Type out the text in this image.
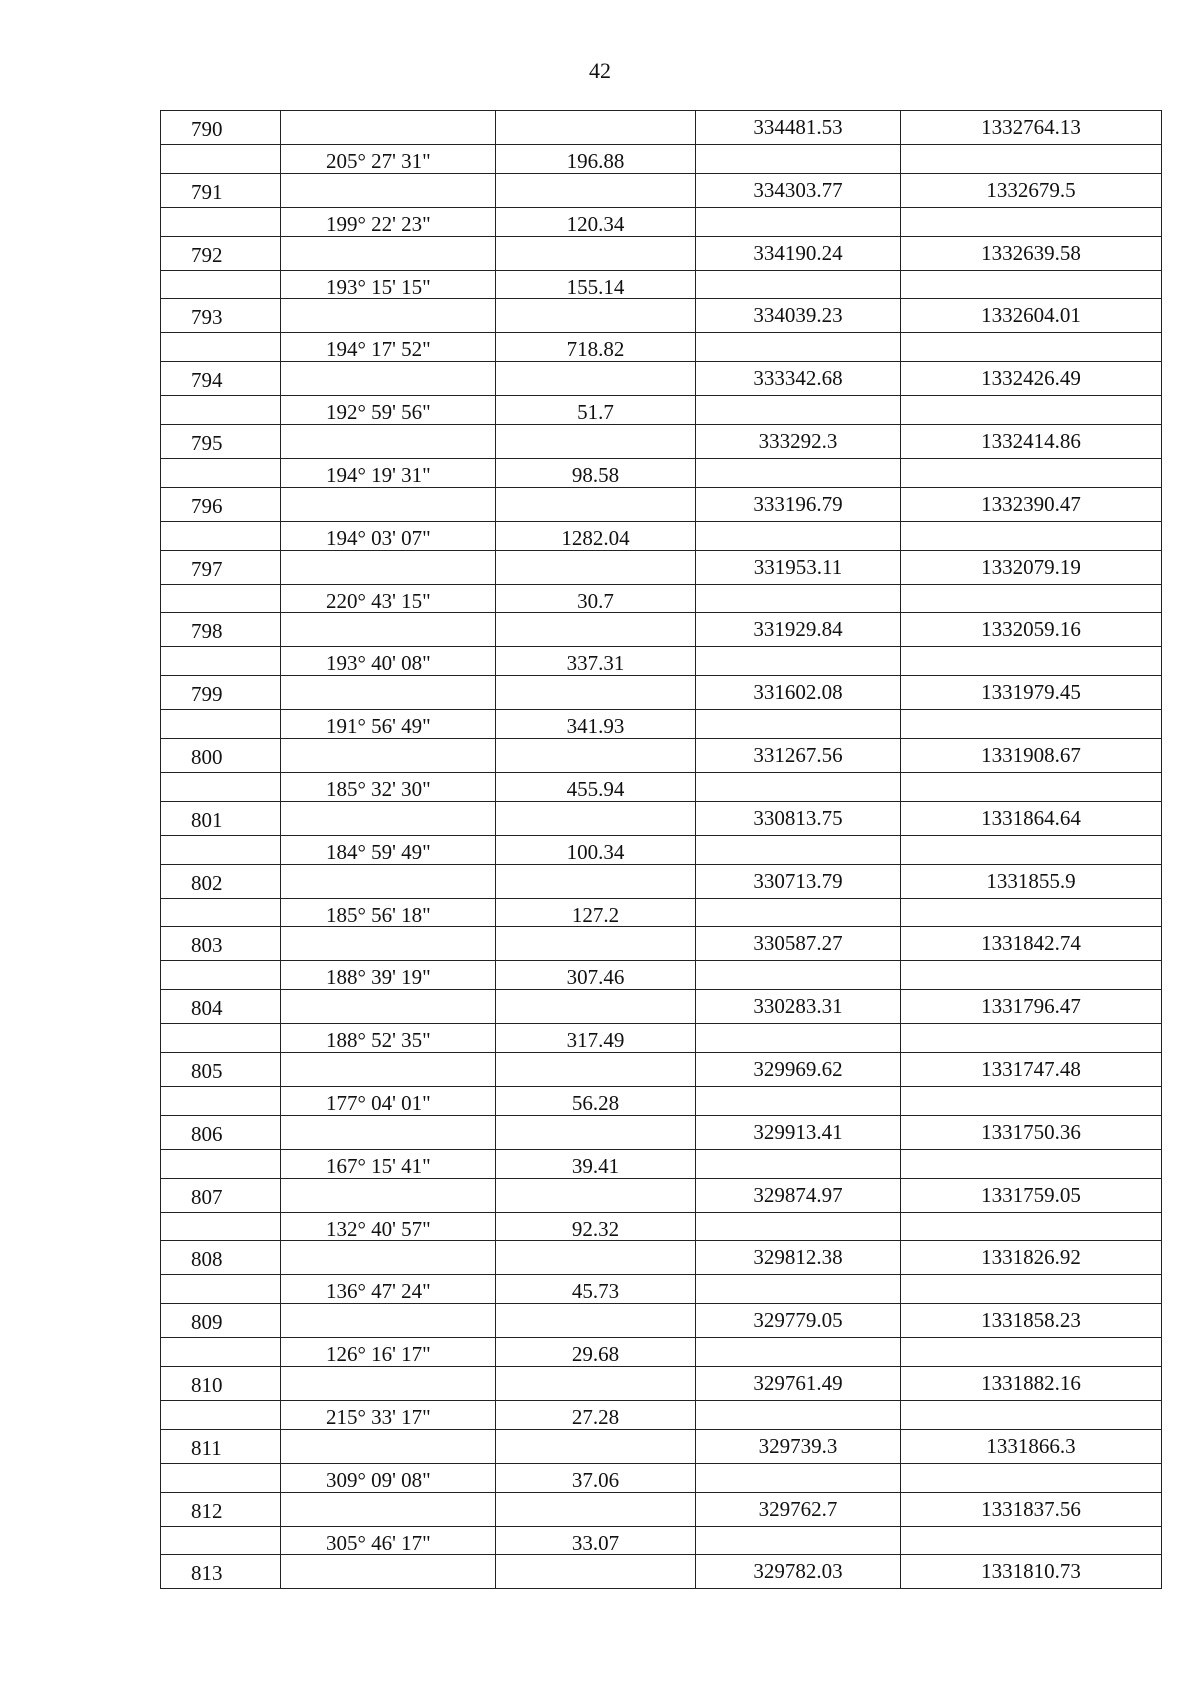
42
790	334481.53	1332764.13
205° 27' 31"	196.88
791	334303.77	1332679.5
199° 22' 23"	120.34
792	334190.24	1332639.58
193° 15' 15"	155.14
793	334039.23	1332604.01
194° 17' 52"	718.82
794	333342.68	1332426.49
192° 59' 56"	51.7
795	333292.3	1332414.86
194° 19' 31"	98.58
796	333196.79	1332390.47
194° 03' 07"	1282.04
797	331953.11	1332079.19
220° 43' 15"	30.7
798	331929.84	1332059.16
193° 40' 08"	337.31
799	331602.08	1331979.45
191° 56' 49"	341.93
800	331267.56	1331908.67
185° 32' 30"	455.94
801	330813.75	1331864.64
184° 59' 49"	100.34
802	330713.79	1331855.9
185° 56' 18"	127.2
803	330587.27	1331842.74
188° 39' 19"	307.46
804	330283.31	1331796.47
188° 52' 35"	317.49
805	329969.62	1331747.48
177° 04' 01"	56.28
806	329913.41	1331750.36
167° 15' 41"	39.41
807	329874.97	1331759.05
132° 40' 57"	92.32
808	329812.38	1331826.92
136° 47' 24"	45.73
809	329779.05	1331858.23
126° 16' 17"	29.68
810	329761.49	1331882.16
215° 33' 17"	27.28
811	329739.3	1331866.3
309° 09' 08"	37.06
812	329762.7	1331837.56
305° 46' 17"	33.07
813	329782.03	1331810.73
